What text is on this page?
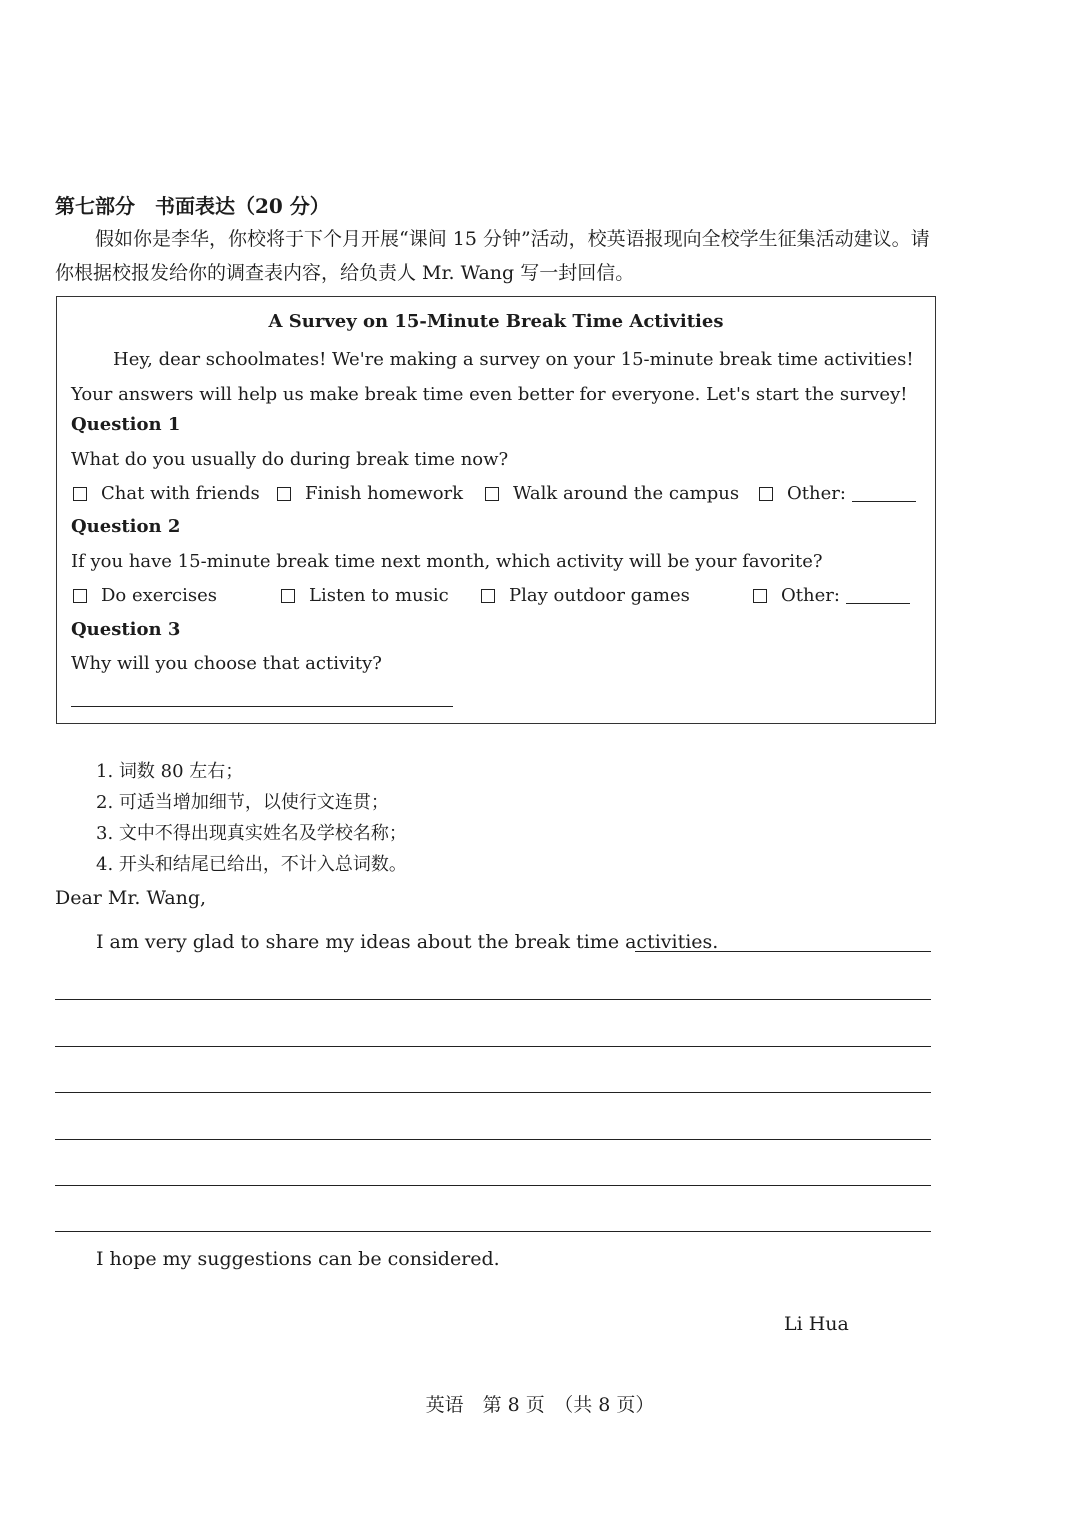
第七部分　书面表达（20 分）
假如你是李华，你校将于下个月开展“课间 15 分钟”活动，校英语报现向全校学生征集活动建议。请你根据校报发给你的调查表内容，给负责人 Mr. Wang 写一封回信。
A Survey on 15-Minute Break Time Activities
Hey, dear schoolmates! We're making a survey on your 15-minute break time activities! Your answers will help us make break time even better for everyone. Let's start the survey!
Question 1
What do you usually do during break time now?
Chat with friends	Finish homework	Walk around the campus	Other:
Question 2
If you have 15-minute break time next month, which activity will be your favorite?
Do exercises	Listen to music	Play outdoor games	Other:
Question 3
Why will you choose that activity?
1. 词数 80 左右；
2. 可适当增加细节，以使行文连贯；
3. 文中不得出现真实姓名及学校名称；
4. 开头和结尾已给出，不计入总词数。
Dear Mr. Wang,
I am very glad to share my ideas about the break time activities.
I hope my suggestions can be considered.
Li Hua
英语　第 8 页　（共 8 页）
